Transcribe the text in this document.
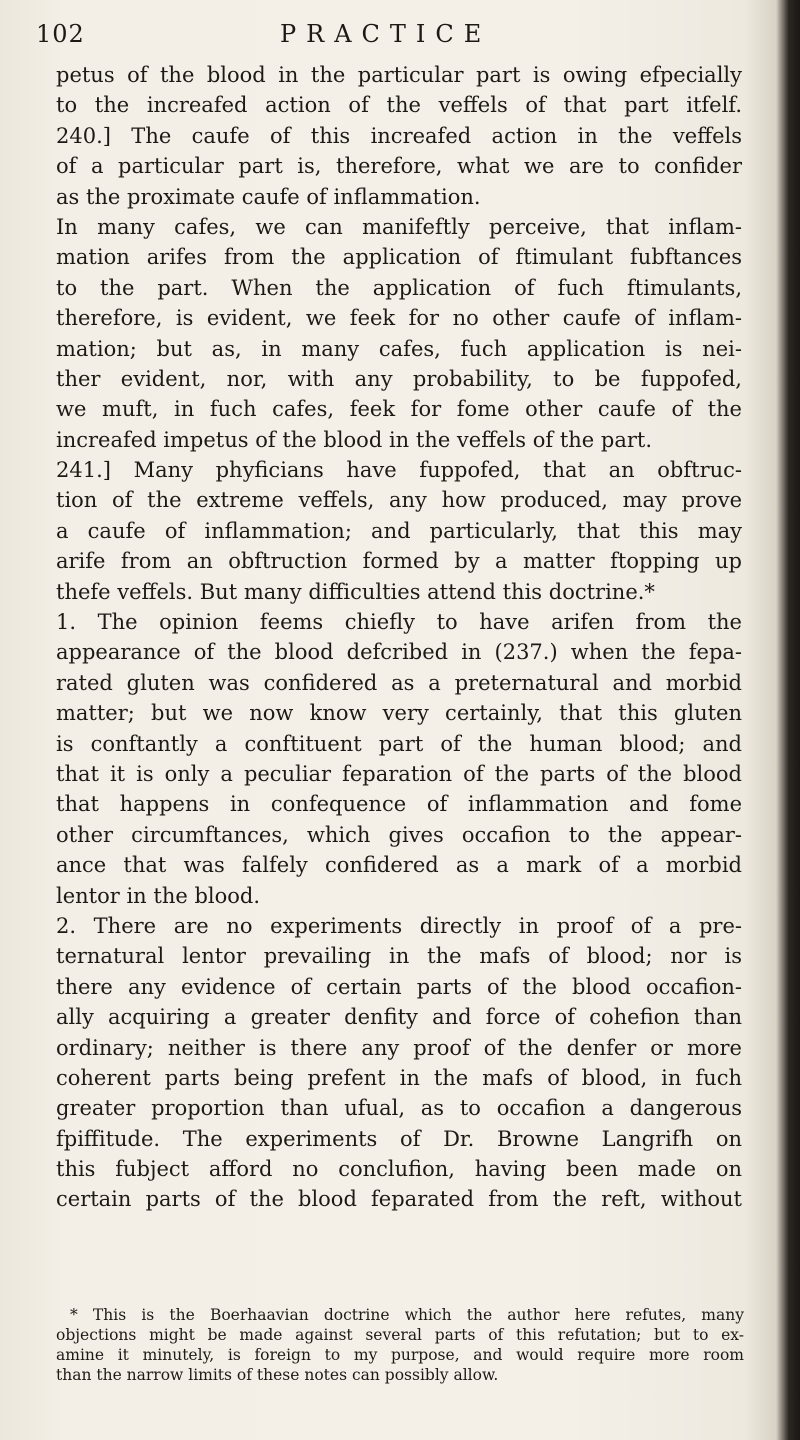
102	PRACTICE
petus of the blood in the particular part is owing efpecially
to the increafed action of the veffels of that part itfelf.
240.] The caufe of this increafed action in the veffels
of a particular part is, therefore, what we are to confider
as the proximate caufe of inflammation.
In many cafes, we can manifeftly perceive, that inflam-
mation arifes from the application of ftimulant fubftances
to the part. When the application of fuch ftimulants,
therefore, is evident, we feek for no other caufe of inflam-
mation; but as, in many cafes, fuch application is nei-
ther evident, nor, with any probability, to be fuppofed,
we muft, in fuch cafes, feek for fome other caufe of the
increafed impetus of the blood in the veffels of the part.
241.] Many phyficians have fuppofed, that an obftruc-
tion of the extreme veffels, any how produced, may prove
a caufe of inflammation; and particularly, that this may
arife from an obftruction formed by a matter ftopping up
thefe veffels. But many difficulties attend this doctrine.*
1. The opinion feems chiefly to have arifen from the
appearance of the blood defcribed in (237.) when the fepa-
rated gluten was confidered as a preternatural and morbid
matter; but we now know very certainly, that this gluten
is conftantly a conftituent part of the human blood; and
that it is only a peculiar feparation of the parts of the blood
that happens in confequence of inflammation and fome
other circumftances, which gives occafion to the appear-
ance that was falfely confidered as a mark of a morbid
lentor in the blood.
2. There are no experiments directly in proof of a pre-
ternatural lentor prevailing in the mafs of blood; nor is
there any evidence of certain parts of the blood occafion-
ally acquiring a greater denfity and force of cohefion than
ordinary; neither is there any proof of the denfer or more
coherent parts being prefent in the mafs of blood, in fuch
greater proportion than ufual, as to occafion a dangerous
fpiffitude. The experiments of Dr. Browne Langrifh on
this fubject afford no conclufion, having been made on
certain parts of the blood feparated from the reft, without
* This is the Boerhaavian doctrine which the author here refutes, many
objections might be made against several parts of this refutation; but to ex-
amine it minutely, is foreign to my purpose, and would require more room
than the narrow limits of these notes can possibly allow.
